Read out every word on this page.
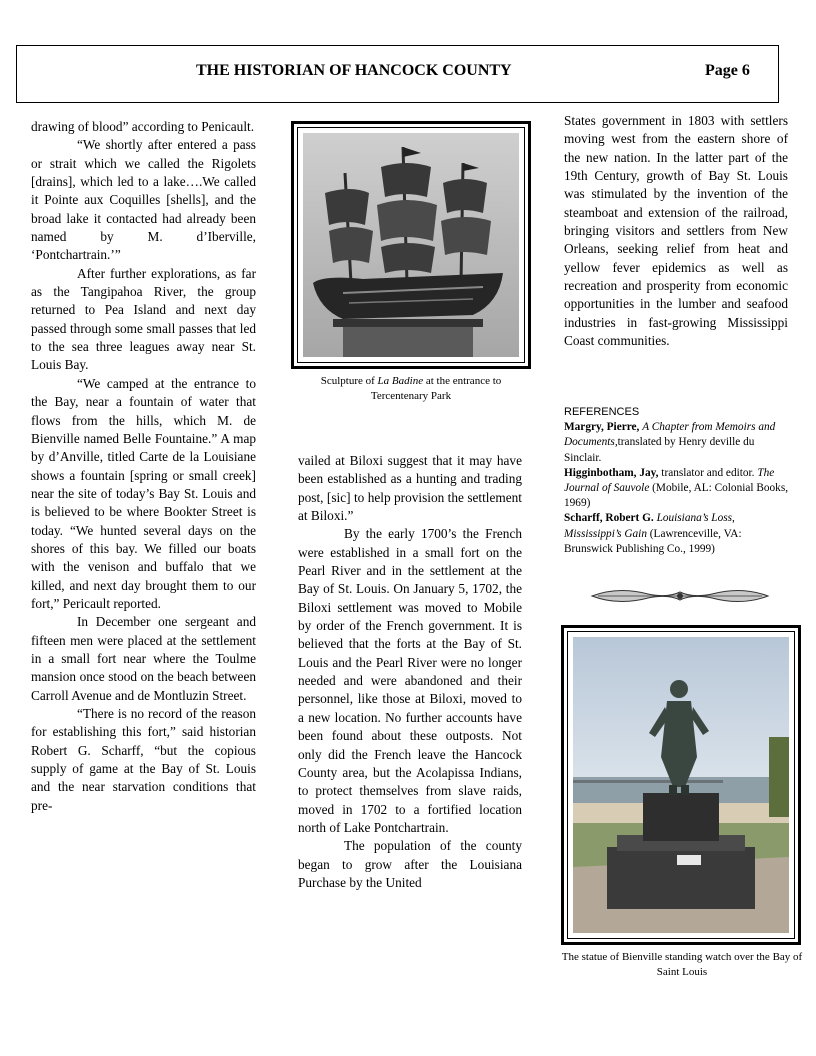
THE HISTORIAN OF HANCOCK COUNTY	Page 6

drawing of blood” according to Penicault.

“We shortly after entered a pass or strait which we called the Rigolets [drains], which led to a lake….We called it Pointe aux Coquilles [shells], and the broad lake it contacted had already been named by M. d’Iberville, ‘Pontchartrain.’”

After further explorations, as far as the Tangipahoa River, the group returned to Pea Island and next day passed through some small passes that led to the sea three leagues away near St. Louis Bay.

“We camped at the entrance to the Bay, near a fountain of water that flows from the hills, which M. de Bienville named Belle Fountaine.” A map by d’Anville, titled Carte de la Louisiane shows a fountain [spring or small creek] near the site of today’s Bay St. Louis and is believed to be where Bookter Street is today. “We hunted several days on the shores of this bay. We filled our boats with the venison and buffalo that we killed, and next day brought them to our fort,” Pericault reported.

In December one sergeant and fifteen men were placed at the settlement in a small fort near where the Toulme mansion once stood on the beach between Carroll Avenue and de Montluzin Street.

“There is no record of the reason for establishing this fort,” said historian Robert G. Scharff, “but the copious supply of game at the Bay of St. Louis and the near starvation conditions that pre-

Sculpture of La Badine at the entrance to Tercentenary Park

vailed at Biloxi suggest that it may have been established as a hunting and trading post, [sic] to help provision the settlement at Biloxi.”

By the early 1700’s the French were established in a small fort on the Pearl River and in the settlement at the Bay of St. Louis. On January 5, 1702, the Biloxi settlement was moved to Mobile by order of the French government. It is believed that the forts at the Bay of St. Louis and the Pearl River were no longer needed and were abandoned and their personnel, like those at Biloxi, moved to a new location. No further accounts have been found about these outposts. Not only did the French leave the Hancock County area, but the Acolapissa Indians, to protect themselves from slave raids, moved in 1702 to a fortified location north of Lake Pontchartrain.

The population of the county began to grow after the Louisiana Purchase by the United

States government in 1803 with settlers moving west from the eastern shore of the new nation. In the latter part of the 19th Century, growth of Bay St. Louis was stimulated by the invention of the steamboat and extension of the railroad, bringing visitors and settlers from New Orleans, seeking relief from heat and yellow fever epidemics as well as recreation and prosperity from economic opportunities in the lumber and seafood industries in fast-growing Mississippi Coast communities.

REFERENCES

Margry, Pierre, A Chapter from Memoirs and Documents,translated by Henry deville du Sinclair.

Higginbotham, Jay, translator and editor. The Journal of Sauvole (Mobile, AL: Colonial Books, 1969)

Scharff, Robert G. Louisiana’s Loss, Mississippi’s Gain (Lawrenceville, VA: Brunswick Publishing Co., 1999)

The statue of Bienville standing watch over the Bay of Saint Louis
